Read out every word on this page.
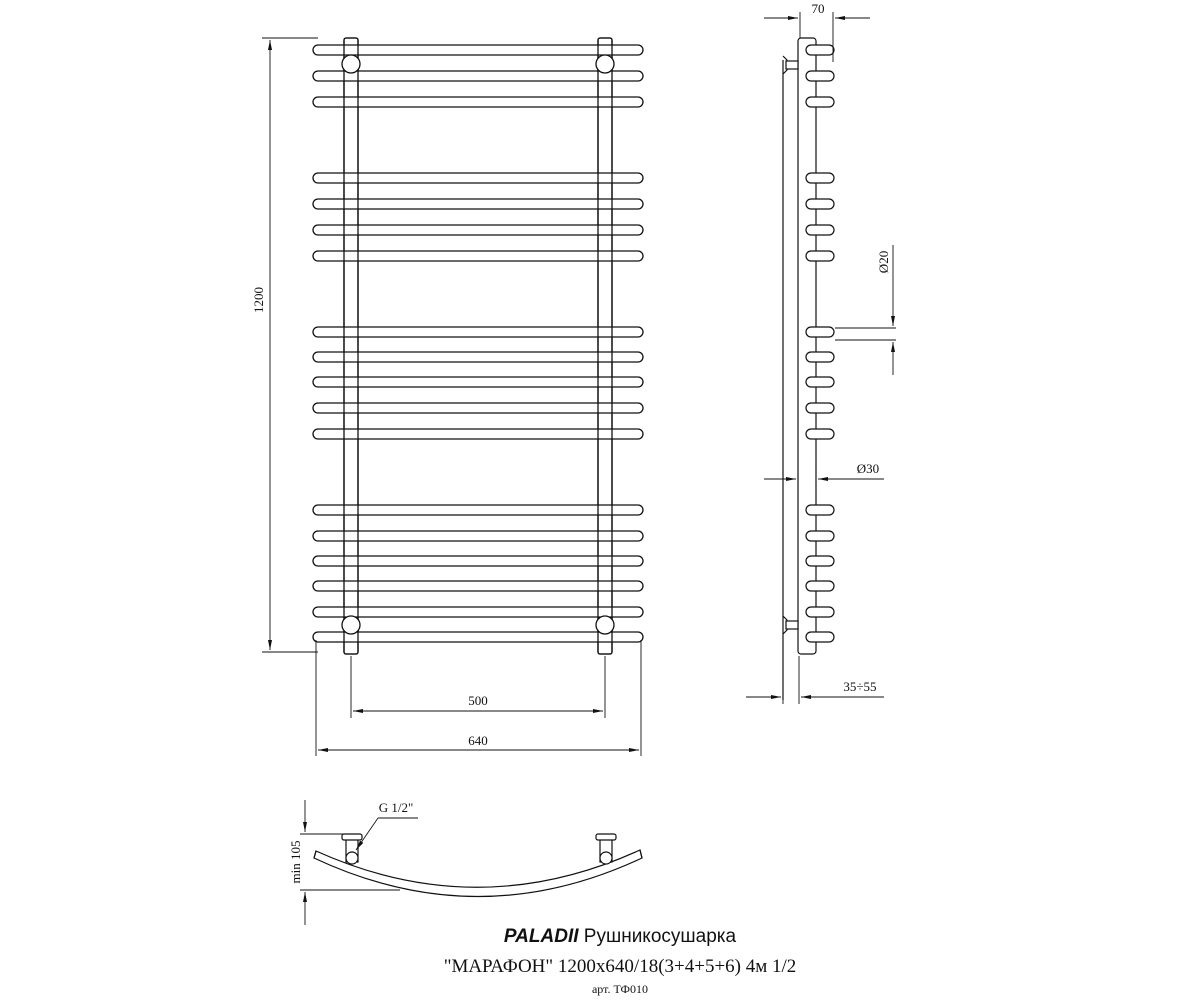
1200
500
640
70
Ø20
Ø30
35÷55
G 1/2"
min 105
PALADII Рушникосушарка
"МАРАФОН" 1200x640/18(3+4+5+6) 4м 1/2
арт. ТФ010
